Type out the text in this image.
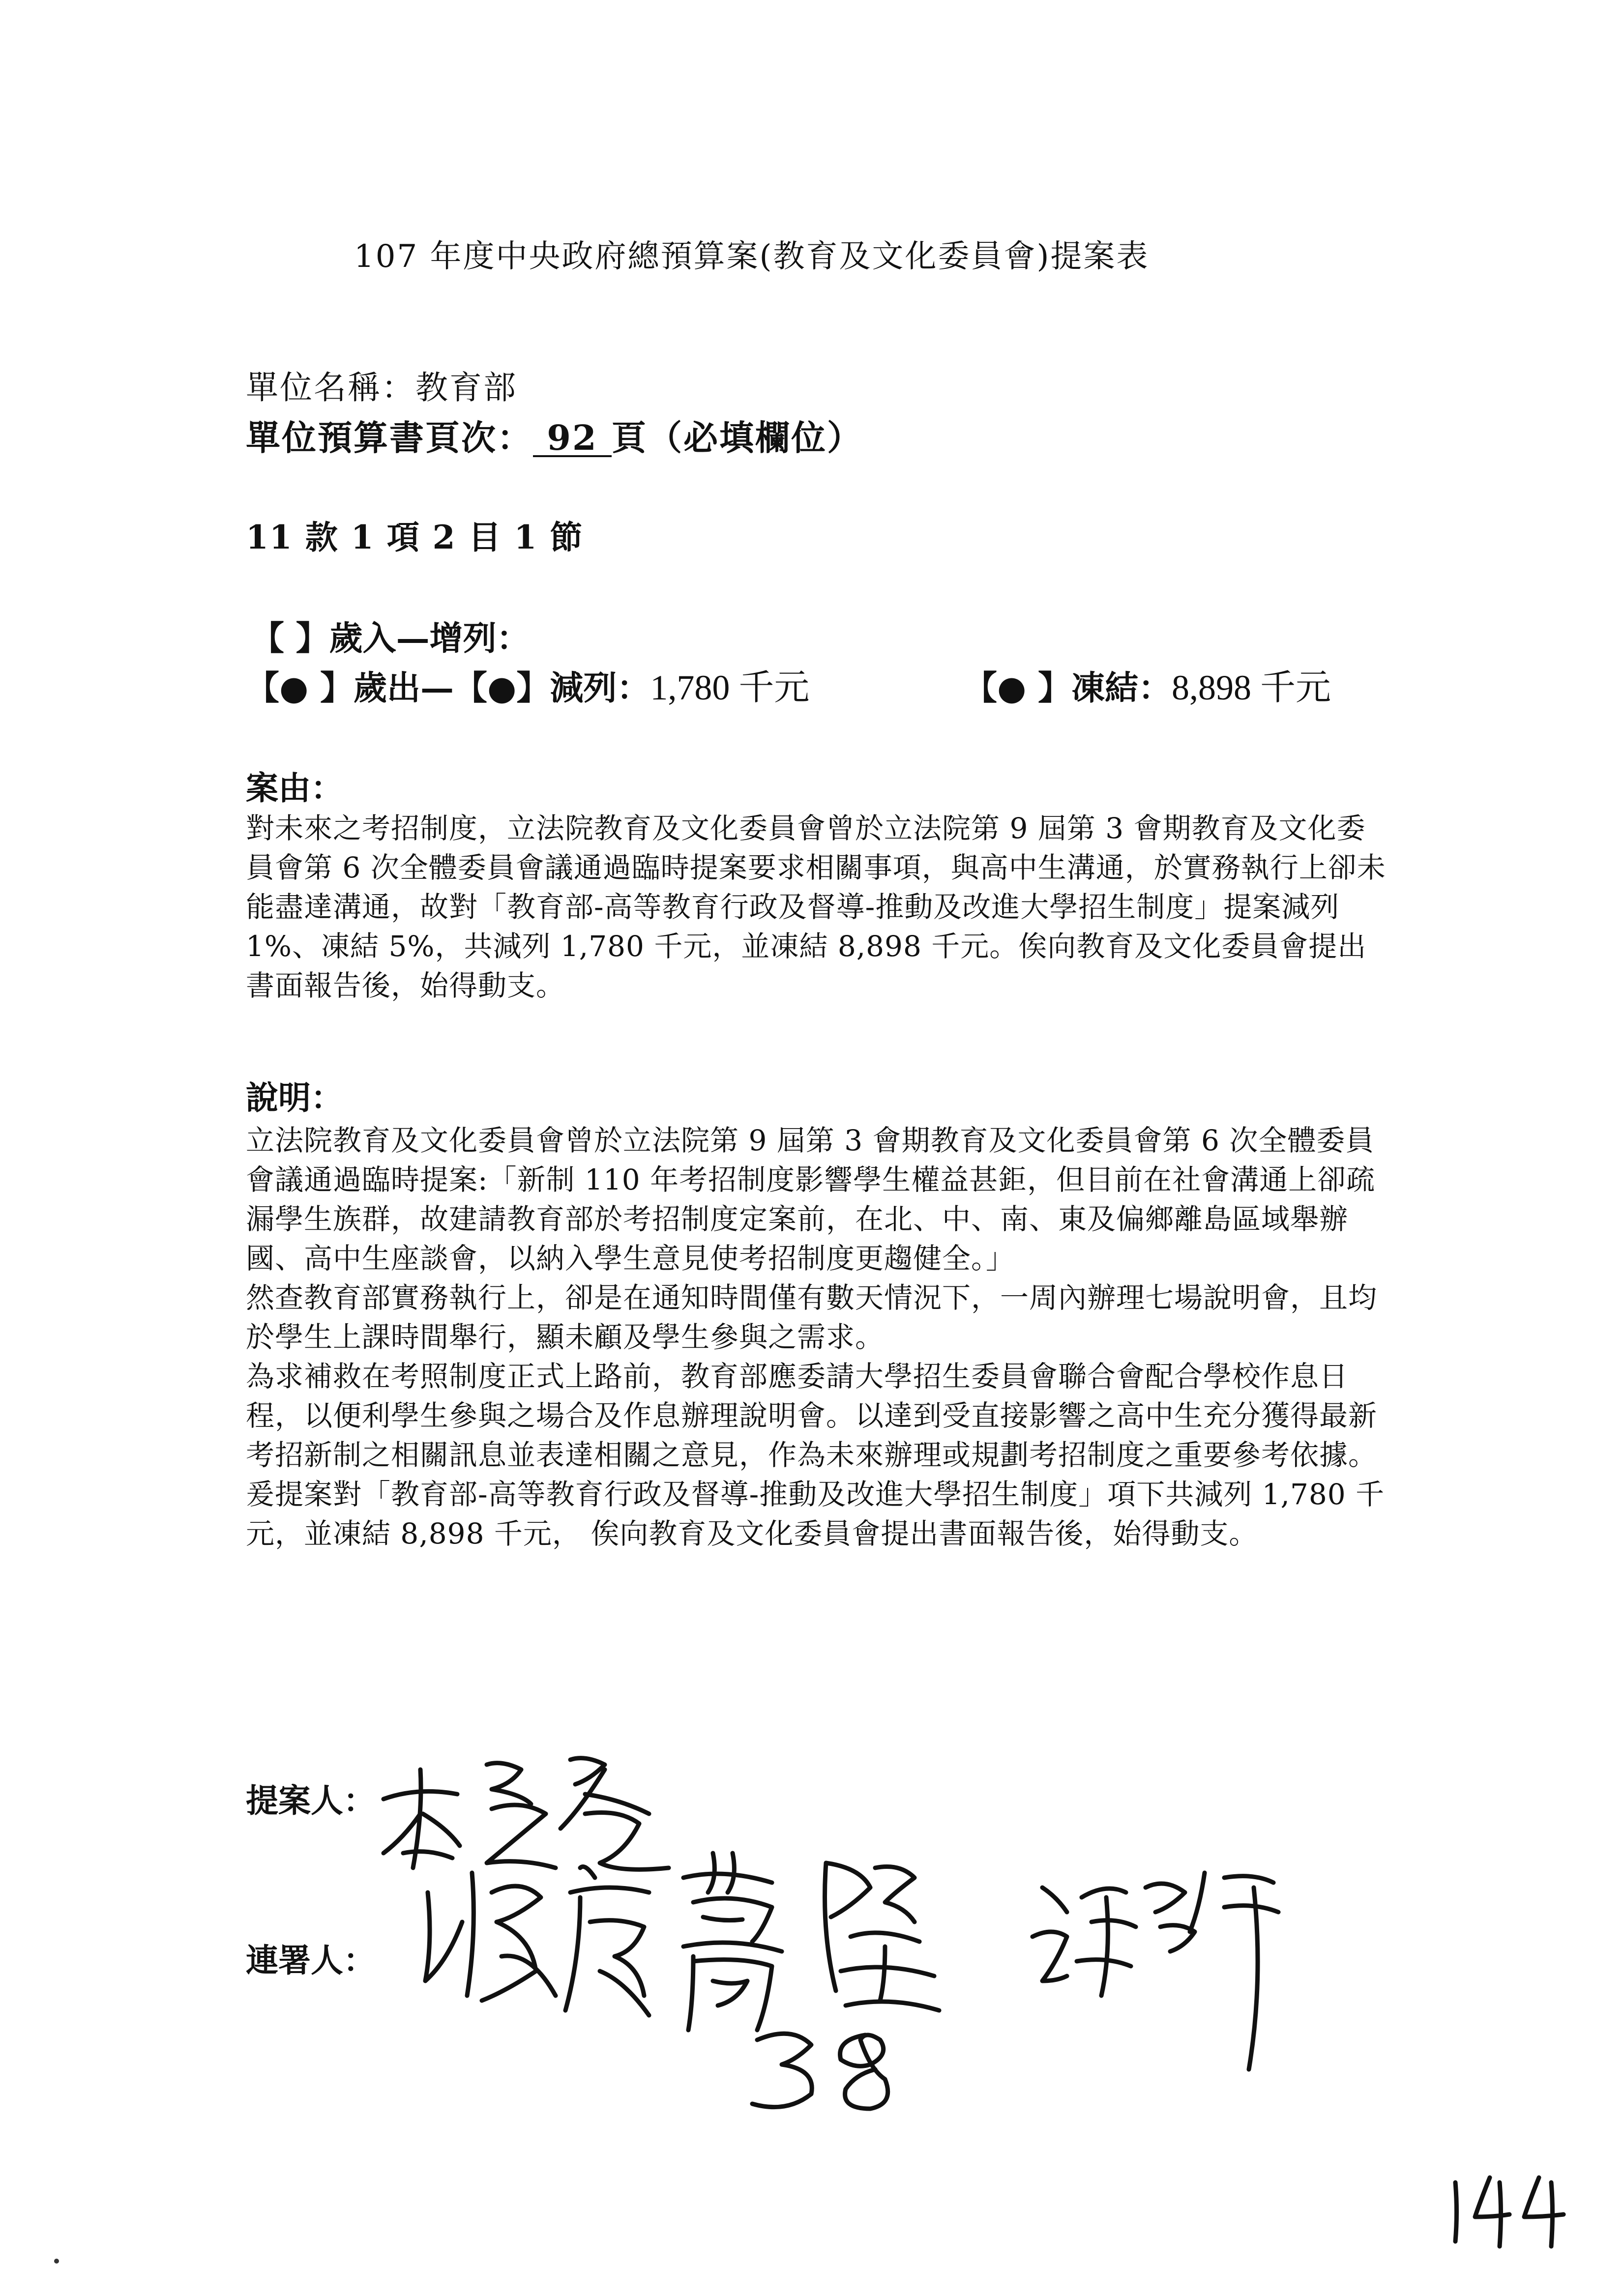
107 年度中央政府總預算案(教育及文化委員會)提案表
單位名稱：教育部
單位預算書頁次： 92 頁（必填欄位）
11 款 1 項 2 目 1 節
【 】歲入—增列：
【● 】歲出—【●】減列：1,780 千元	【● 】凍結：8,898 千元
案由：

對未來之考招制度，立法院教育及文化委員會曾於立法院第 9 屆第 3 會期教育及文化委員會第 6 次全體委員會議通過臨時提案要求相關事項，與高中生溝通，於實務執行上卻未能盡達溝通，故對「教育部-高等教育行政及督導-推動及改進大學招生制度」提案減列 1%、凍結 5%，共減列 1,780 千元，並凍結 8,898 千元。俟向教育及文化委員會提出書面報告後，始得動支。

說明：

立法院教育及文化委員會曾於立法院第 9 屆第 3 會期教育及文化委員會第 6 次全體委員會議通過臨時提案:「新制 110 年考招制度影響學生權益甚鉅，但目前在社會溝通上卻疏漏學生族群，故建請教育部於考招制度定案前，在北、中、南、東及偏鄉離島區域舉辦國、高中生座談會，以納入學生意見使考招制度更趨健全。」
然查教育部實務執行上，卻是在通知時間僅有數天情況下，一周內辦理七場說明會，且均於學生上課時間舉行，顯未顧及學生參與之需求。
為求補救在考照制度正式上路前，教育部應委請大學招生委員會聯合會配合學校作息日程，以便利學生參與之場合及作息辦理說明會。以達到受直接影響之高中生充分獲得最新考招新制之相關訊息並表達相關之意見，作為未來辦理或規劃考招制度之重要參考依據。
爰提案對「教育部-高等教育行政及督導-推動及改進大學招生制度」項下共減列 1,780 千元，並凍結 8,898 千元， 俟向教育及文化委員會提出書面報告後，始得動支。

提案人：
連署人：
